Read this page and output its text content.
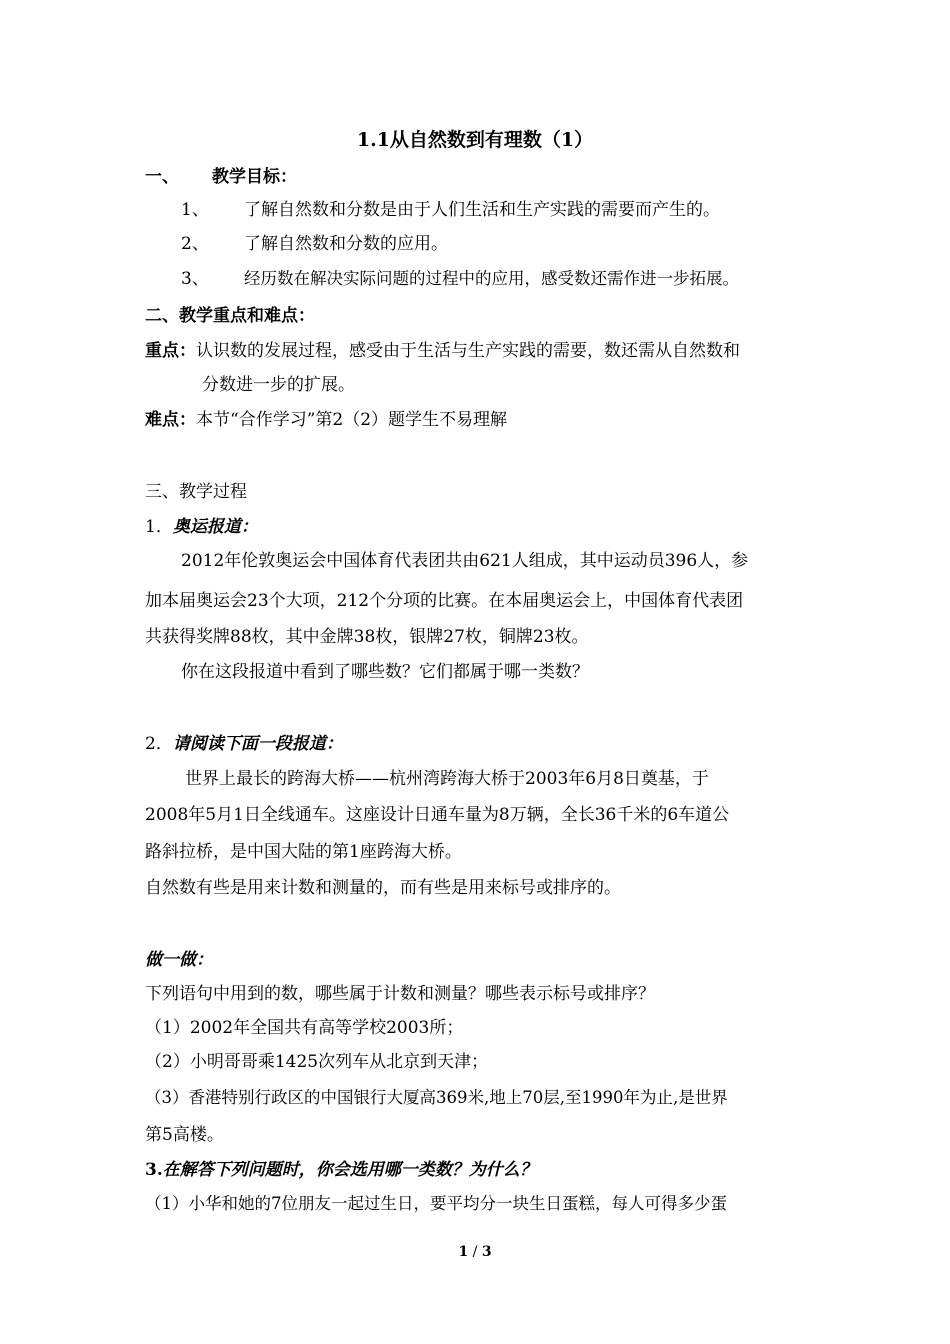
1.1从自然数到有理数（1）
一、 教学目标：
1、 了解自然数和分数是由于人们生活和生产实践的需要而产生的。
2、 了解自然数和分数的应用。
3、 经历数在解决实际问题的过程中的应用，感受数还需作进一步拓展。
二、教学重点和难点：
重点：认识数的发展过程，感受由于生活与生产实践的需要，数还需从自然数和
分数进一步的扩展。
难点：本节“合作学习”第2（2）题学生不易理解
三、教学过程
1．奥运报道：
2012年伦敦奥运会中国体育代表团共由621人组成，其中运动员396人，参
加本届奥运会23个大项，212个分项的比赛。在本届奥运会上，中国体育代表团
共获得奖牌88枚，其中金牌38枚，银牌27枚，铜牌23枚。
你在这段报道中看到了哪些数？它们都属于哪一类数？
2．请阅读下面一段报道：
世界上最长的跨海大桥——杭州湾跨海大桥于2003年6月8日奠基，于
2008年5月1日全线通车。这座设计日通车量为8万辆，全长36千米的6车道公
路斜拉桥，是中国大陆的第1座跨海大桥。
自然数有些是用来计数和测量的，而有些是用来标号或排序的。
做一做：
下列语句中用到的数，哪些属于计数和测量？哪些表示标号或排序？
（1）2002年全国共有高等学校2003所；
（2）小明哥哥乘1425次列车从北京到天津；
（3）香港特别行政区的中国银行大厦高369米,地上70层,至1990年为止,是世界
第5高楼。
3.在解答下列问题时，你会选用哪一类数？为什么？
（1）小华和她的7位朋友一起过生日，要平均分一块生日蛋糕，每人可得多少蛋
1 / 3
